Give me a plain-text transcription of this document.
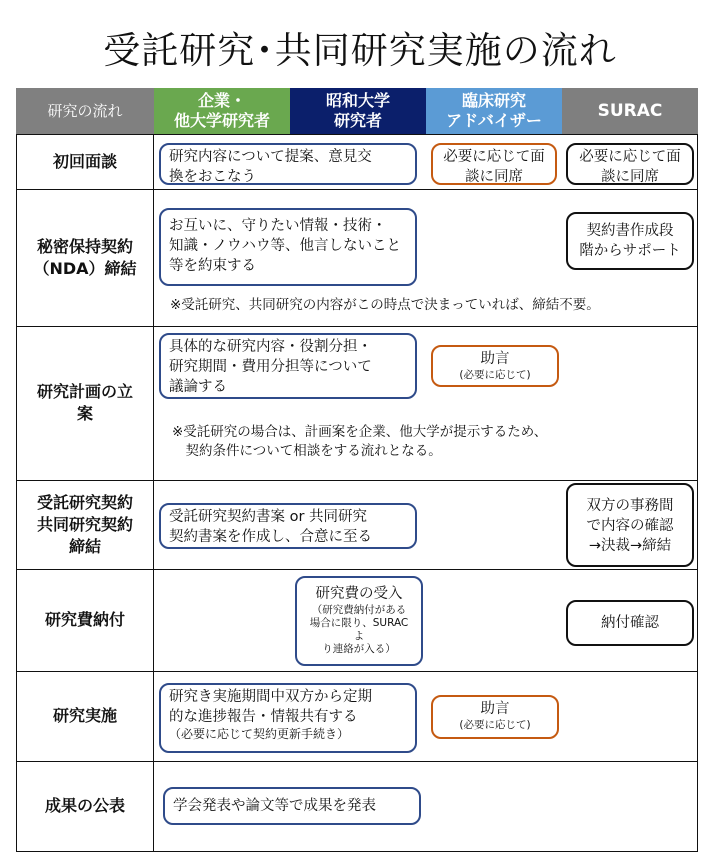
受託研究･共同研究実施の流れ
研究の流れ
企業・
他大学研究者
昭和大学
研究者
臨床研究
アドバイザー	SURAC
初回面談
秘密保持契約
（NDA）締結
研究計画の立
案
受託研究契約
共同研究契約
締結
研究費納付
研究実施
成果の公表
研究内容について提案、意見交
換をおこなう
必要に応じて面
談に同席
必要に応じて面
談に同席
お互いに、守りたい情報・技術・
知識・ノウハウ等、他言しないこと
等を約束する
契約書作成段
階からサポート
※受託研究、共同研究の内容がこの時点で決まっていれば、締結不要。
具体的な研究内容・役割分担・
研究期間・費用分担等について
議論する
助言
(必要に応じて)
※受託研究の場合は、計画案を企業、他大学が提示するため、
　契約条件について相談をする流れとなる。
受託研究契約書案 or 共同研究
契約書案を作成し、合意に至る
双方の事務間
で内容の確認
→決裁→締結
研究費の受入
（研究費納付がある
場合に限り、SURACよ
り連絡が入る）
納付確認
研究き実施期間中双方から定期
的な進捗報告・情報共有する
（必要に応じて契約更新手続き）
助言
(必要に応じて)
学会発表や論文等で成果を発表
